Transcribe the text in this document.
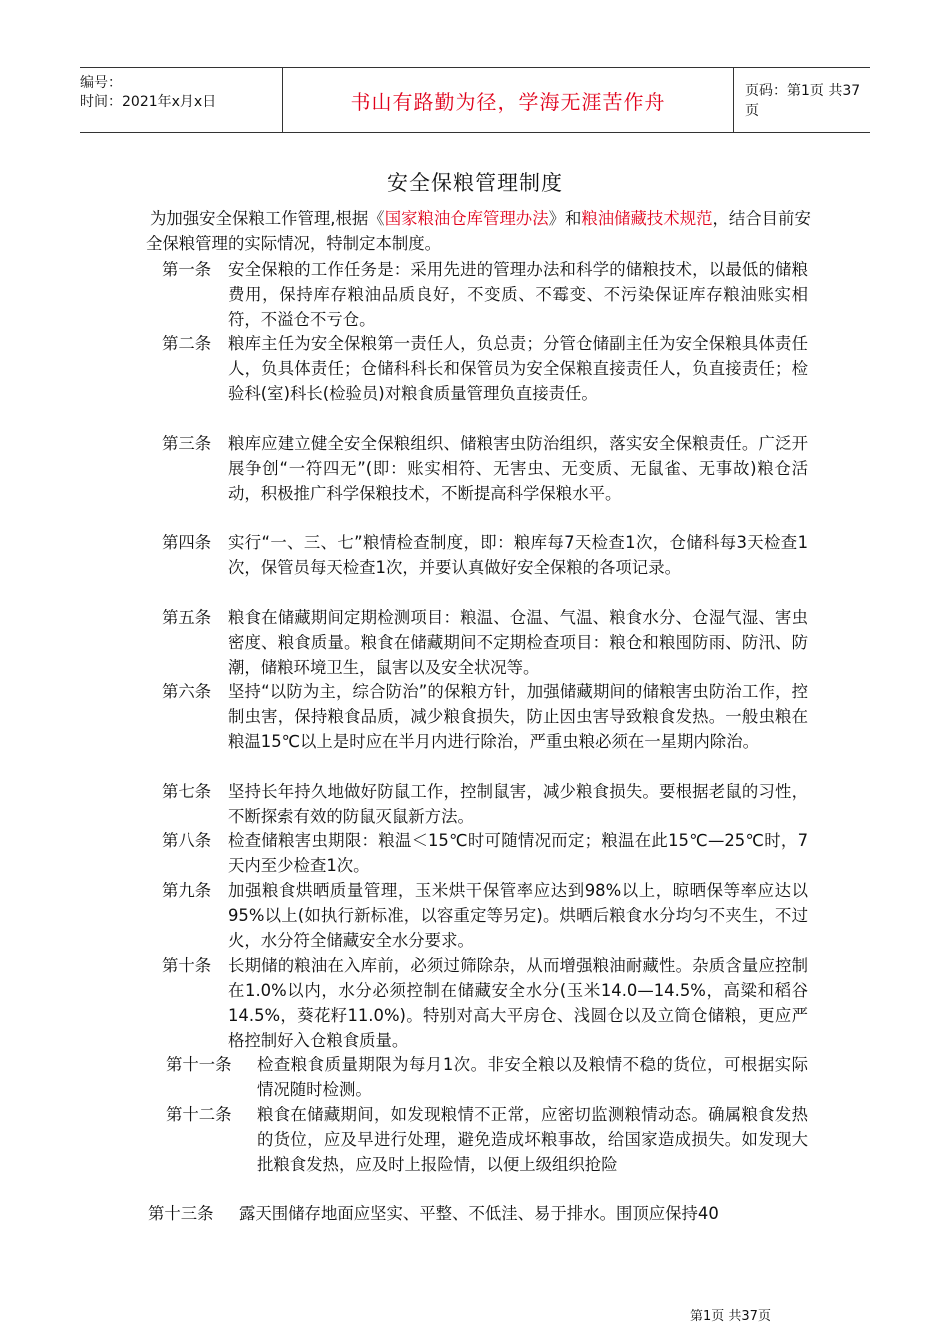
编号：
时间：2021年x月x日	书山有路勤为径，学海无涯苦作舟	页码：第1页 共37页
安全保粮管理制度
为加强安全保粮工作管理,根据《国家粮油仓库管理办法》和粮油储藏技术规范，结合目前安全保粮管理的实际情况，特制定本制度。
第一条	安全保粮的工作任务是：采用先进的管理办法和科学的储粮技术，以最低的储粮费用，保持库存粮油品质良好，不变质、不霉变、不污染保证库存粮油账实相符，不溢仓不亏仓。
第二条	粮库主任为安全保粮第一责任人，负总责；分管仓储副主任为安全保粮具体责任人，负具体责任；仓储科科长和保管员为安全保粮直接责任人，负直接责任；检验科(室)科长(检验员)对粮食质量管理负直接责任。
第三条	粮库应建立健全安全保粮组织、储粮害虫防治组织，落实安全保粮责任。广泛开展争创“一符四无”(即：账实相符、无害虫、无变质、无鼠雀、无事故)粮仓活动，积极推广科学保粮技术，不断提高科学保粮水平。
第四条	实行“一、三、七”粮情检查制度，即：粮库每7天检查1次，仓储科每3天检查1次，保管员每天检查1次，并要认真做好安全保粮的各项记录。
第五条	粮食在储藏期间定期检测项目：粮温、仓温、气温、粮食水分、仓湿气湿、害虫密度、粮食质量。粮食在储藏期间不定期检查项目：粮仓和粮囤防雨、防汛、防潮，储粮环境卫生，鼠害以及安全状况等。
第六条	坚持“以防为主，综合防治”的保粮方针，加强储藏期间的储粮害虫防治工作，控制虫害，保持粮食品质，减少粮食损失，防止因虫害导致粮食发热。一般虫粮在粮温15℃以上是时应在半月内进行除治，严重虫粮必须在一星期内除治。
第七条	坚持长年持久地做好防鼠工作，控制鼠害，减少粮食损失。要根据老鼠的习性，不断探索有效的防鼠灭鼠新方法。
第八条	检查储粮害虫期限：粮温＜15℃时可随情况而定；粮温在此15℃—25℃时，7天内至少检查1次。
第九条	加强粮食烘晒质量管理，玉米烘干保管率应达到98%以上，晾晒保等率应达以95%以上(如执行新标准，以容重定等另定)。烘晒后粮食水分均匀不夹生，不过火，水分符全储藏安全水分要求。
第十条	长期储的粮油在入库前，必须过筛除杂，从而增强粮油耐藏性。杂质含量应控制在1.0%以内，水分必须控制在储藏安全水分(玉米14.0—14.5%，高粱和稻谷14.5%，葵花籽11.0%)。特别对高大平房仓、浅圆仓以及立筒仓储粮，更应严格控制好入仓粮食质量。
第十一条	检查粮食质量期限为每月1次。非安全粮以及粮情不稳的货位，可根据实际情况随时检测。
第十二条	粮食在储藏期间，如发现粮情不正常，应密切监测粮情动态。确属粮食发热的货位，应及早进行处理，避免造成坏粮事故，给国家造成损失。如发现大批粮食发热，应及时上报险情，以便上级组织抢险
第十三条	露天围储存地面应坚实、平整、不低洼、易于排水。围顶应保持40
第1页 共37页
